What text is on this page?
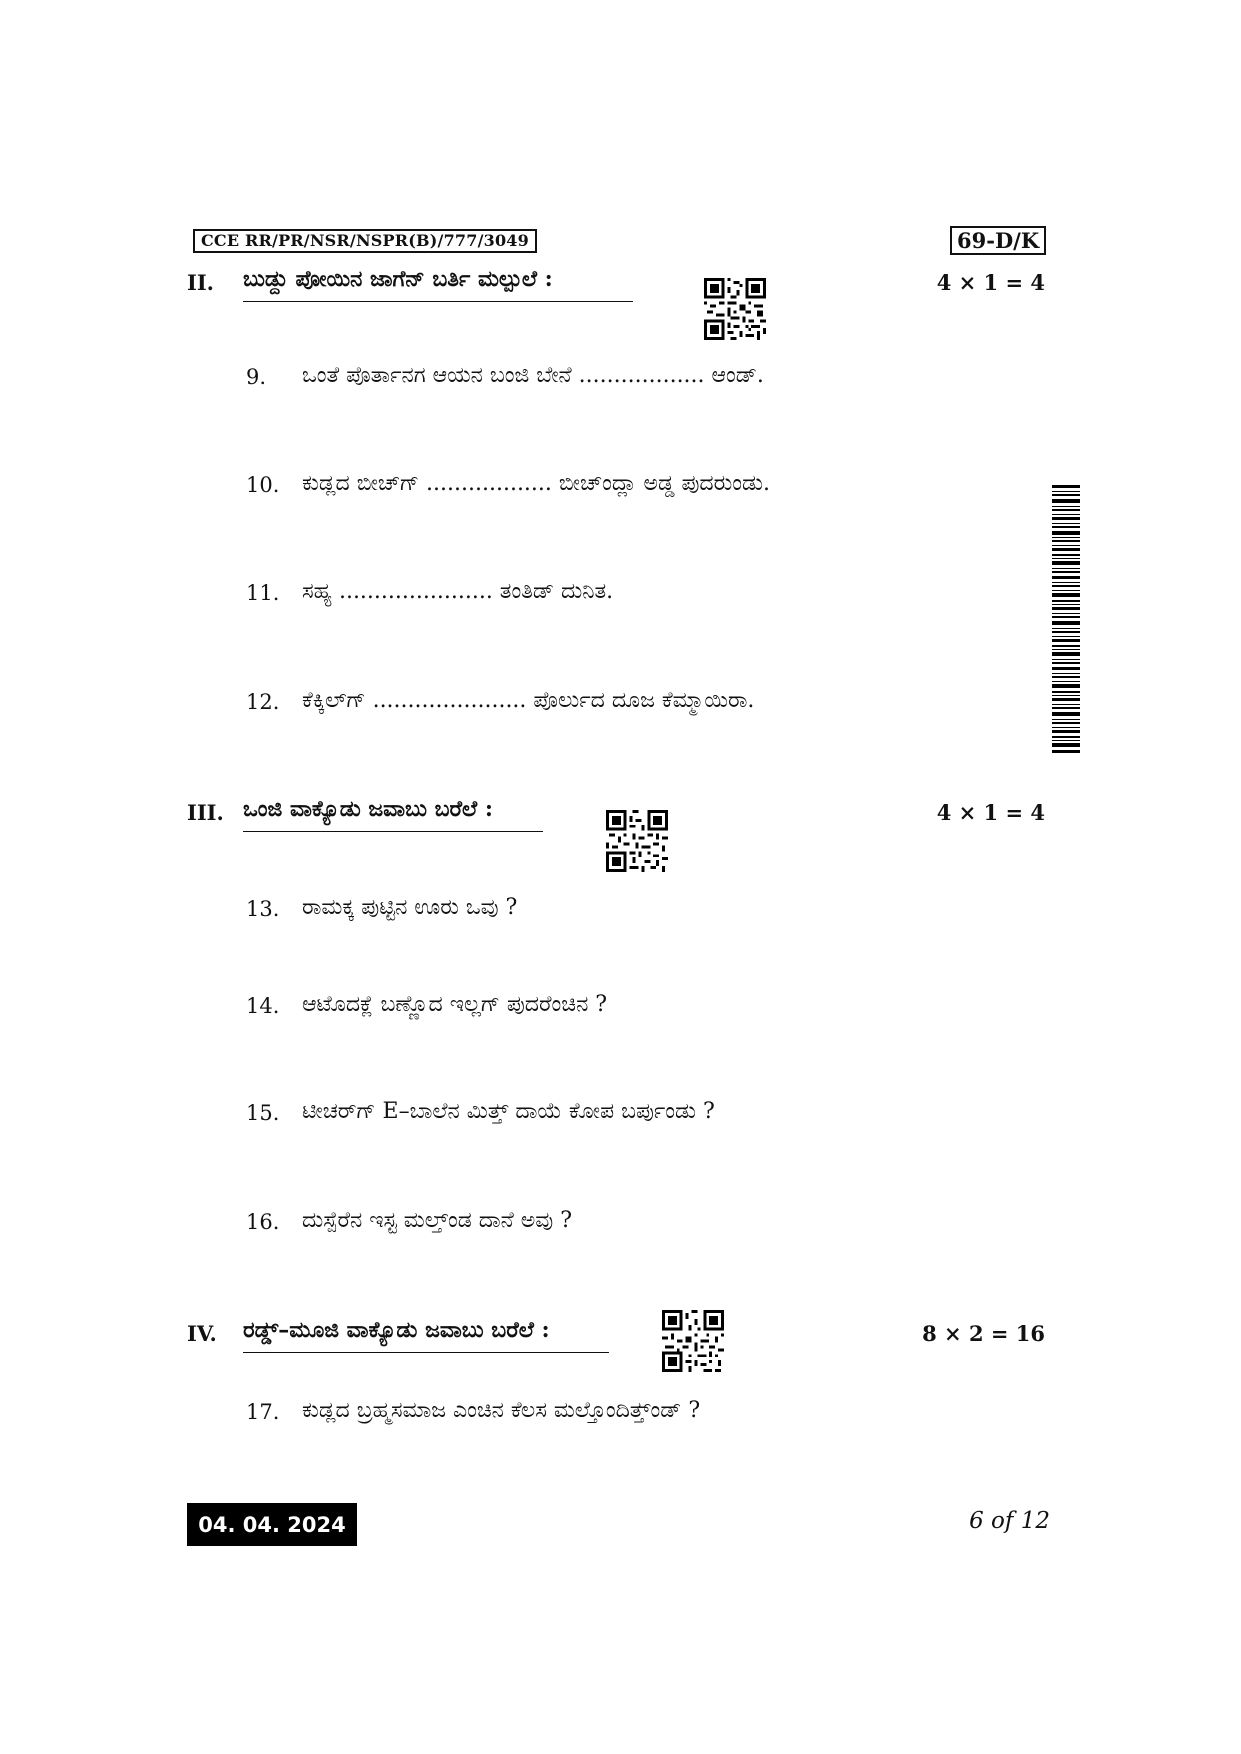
CCE RR/PR/NSR/NSPR(B)/777/3049	69-D/K
II. ಬುಡ್ದು ಪೋಯಿನ ಜಾಗೆನ್ ಬರ್ತಿ ಮಲ್ಪುಲೆ :	4 × 1 = 4
9.	ಒಂತೆ ಪೊರ್ತಾನಗ ಆಯನ ಬಂಜಿ ಬೇನೆ .................. ಆಂಡ್.
10.	ಕುಡ್ಲದ ಬೀಚ್‌ಗ್ .................. ಬೀಚ್‌ಂದ್ಲಾ ಅಡ್ಡ ಪುದರುಂಡು.
11.	ಸಹ್ಯ ...................... ತಂತಿಡ್ ದುನಿತ.
12.	ಕೆಕ್ಕಿಲ್‌ಗ್ ...................... ಪೊರ್ಲುದ ದೂಜ ಕೆಮ್ಮಾಯಿರಾ.
III. ಒಂಜಿ ವಾಕ್ಯೊಡು ಜವಾಬು ಬರೆಲೆ :	4 × 1 = 4
13.	ರಾಮಕ್ಕ ಪುಟ್ಟಿನ ಊರು ಒವು ?
14.	ಆಟೊದಕ್ಲೆ ಬಣ್ಣೊದ ಇಲ್ಲಗ್ ಪುದರೆಂಚಿನ ?
15.	ಟೀಚರ್‌ಗ್ E–ಬಾಲೆನ ಮಿತ್ತ್ ದಾಯೆ ಕೋಪ ಬರ್ಪುಂಡು ?
16.	ದುಸ್ಪೆರೆನ ಇಸ್ಟ ಮಲ್ತ್ಂಡ ದಾನೆ ಅವು ?
IV. ರಡ್ಡ್–ಮೂಜಿ ವಾಕ್ಯೊಡು ಜವಾಬು ಬರೆಲೆ :	8 × 2 = 16
17.	ಕುಡ್ಲದ ಬ್ರಹ್ಮಸಮಾಜ ಎಂಚಿನ ಕೆಲಸ ಮಲ್ತೊಂದಿತ್ತ್ಂಡ್ ?
04. 04. 2024	6 of 12
